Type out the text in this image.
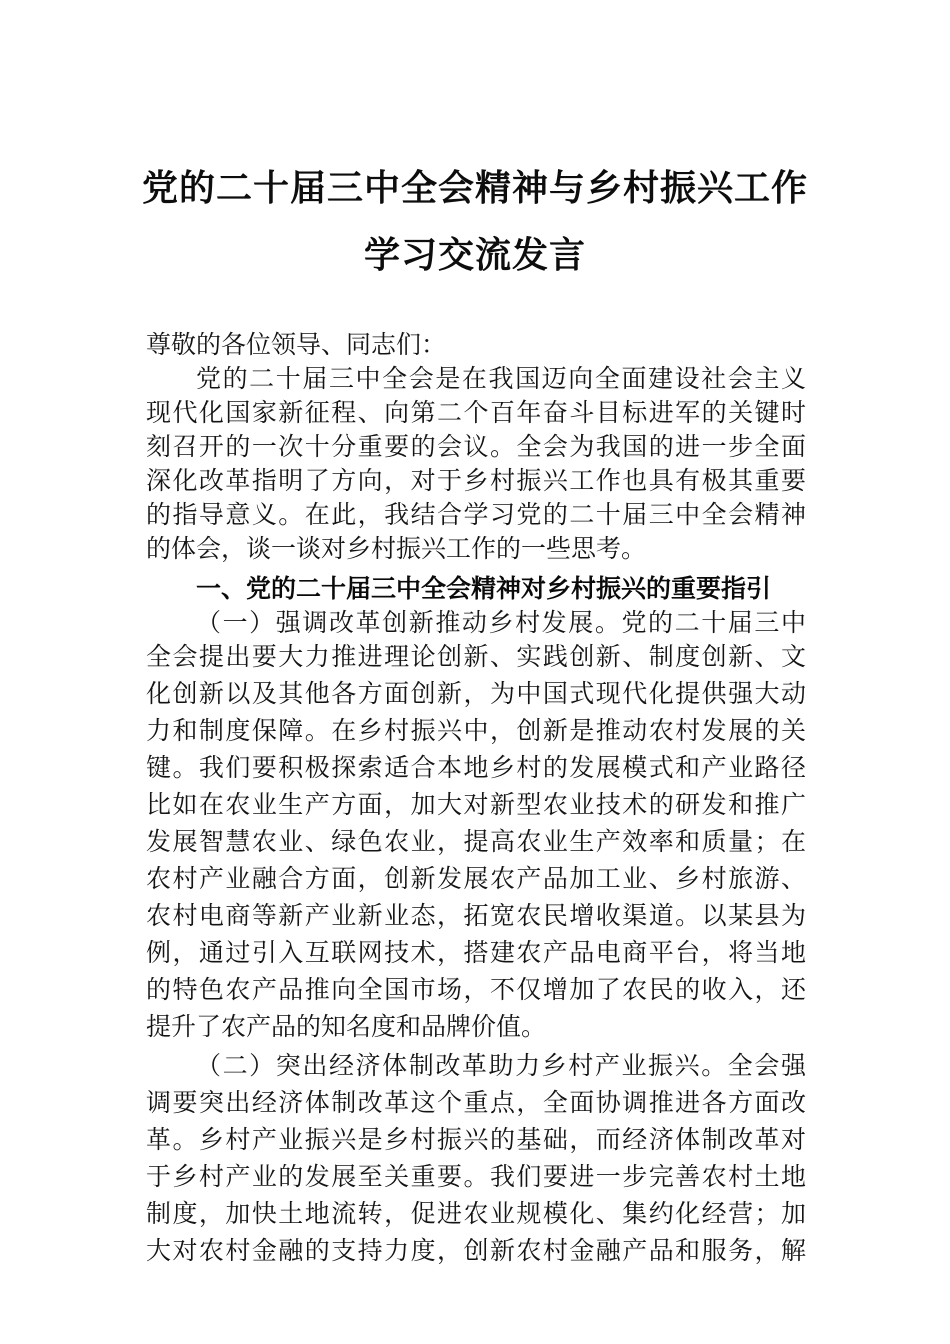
党的二十届三中全会精神与乡村振兴工作
学习交流发言
尊敬的各位领导、同志们：
党的二十届三中全会是在我国迈向全面建设社会主义
现代化国家新征程、向第二个百年奋斗目标进军的关键时
刻召开的一次十分重要的会议。全会为我国的进一步全面
深化改革指明了方向，对于乡村振兴工作也具有极其重要
的指导意义。在此，我结合学习党的二十届三中全会精神
的体会，谈一谈对乡村振兴工作的一些思考。
一、党的二十届三中全会精神对乡村振兴的重要指引
（一）强调改革创新推动乡村发展。党的二十届三中
全会提出要大力推进理论创新、实践创新、制度创新、文
化创新以及其他各方面创新，为中国式现代化提供强大动
力和制度保障。在乡村振兴中，创新是推动农村发展的关
键。我们要积极探索适合本地乡村的发展模式和产业路径
比如在农业生产方面，加大对新型农业技术的研发和推广
发展智慧农业、绿色农业，提高农业生产效率和质量；在
农村产业融合方面，创新发展农产品加工业、乡村旅游、
农村电商等新产业新业态，拓宽农民增收渠道。以某县为
例，通过引入互联网技术，搭建农产品电商平台，将当地
的特色农产品推向全国市场，不仅增加了农民的收入，还
提升了农产品的知名度和品牌价值。
（二）突出经济体制改革助力乡村产业振兴。全会强
调要突出经济体制改革这个重点，全面协调推进各方面改
革。乡村产业振兴是乡村振兴的基础，而经济体制改革对
于乡村产业的发展至关重要。我们要进一步完善农村土地
制度，加快土地流转，促进农业规模化、集约化经营；加
大对农村金融的支持力度，创新农村金融产品和服务，解
